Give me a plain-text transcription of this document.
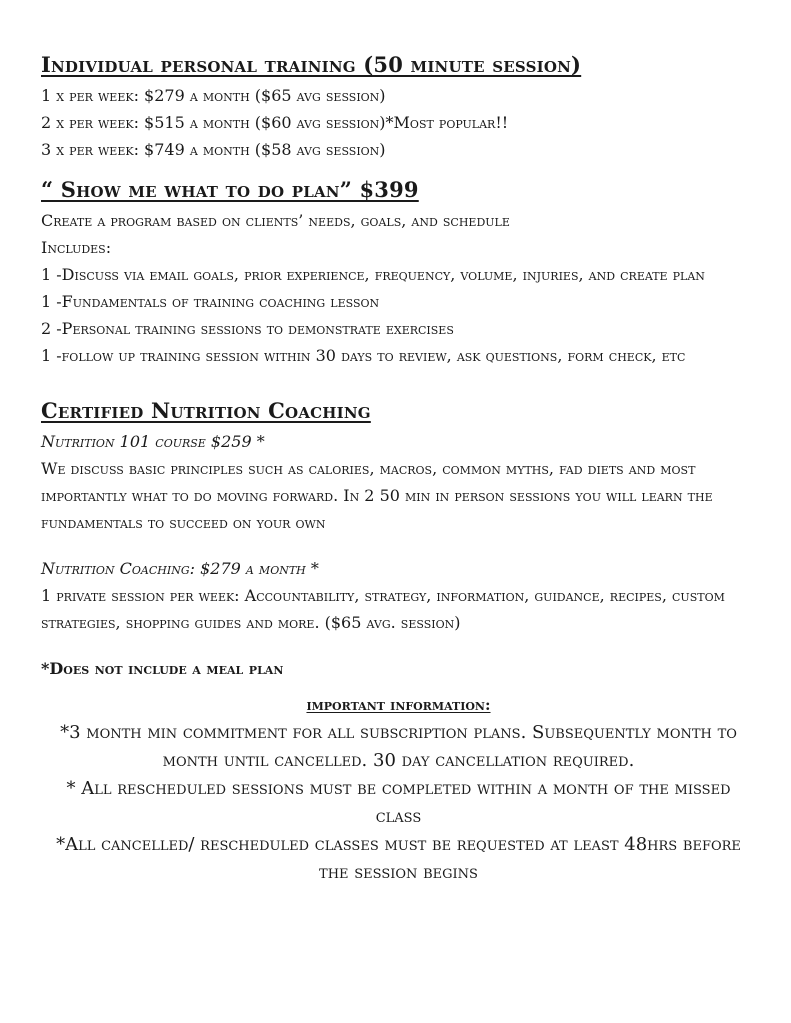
Individual personal training (50 minute session)
1 x per week: $279 a month ($65 avg session)
2 x per week: $515 a month ($60 avg session)*Most popular!!
3 x per week: $749 a month ($58 avg session)
“ Show me what to do plan” $399
Create a program based on clients’ needs, goals, and schedule
Includes:
1 -Discuss via email goals, prior experience, frequency, volume, injuries, and create plan
1 -Fundamentals of training coaching lesson
2 -Personal training sessions to demonstrate exercises
1 -follow up training session within 30 days to review, ask questions, form check, etc
Certified Nutrition Coaching
Nutrition 101 course $259 *
We discuss basic principles such as calories, macros, common myths, fad diets and most importantly what to do moving forward. In 2 50 min in person sessions you will learn the fundamentals to succeed on your own
Nutrition Coaching: $279 a month *
1 private session per week: Accountability, strategy, information, guidance, recipes, custom strategies, shopping guides and more. ($65 avg. session)
*Does not include a meal plan
important information:
*3 month min commitment for all subscription plans. Subsequently month to month until cancelled. 30 day cancellation required.
* All rescheduled sessions must be completed within a month of the missed class
*All cancelled/ rescheduled classes must be requested at least 48hrs before the session begins
